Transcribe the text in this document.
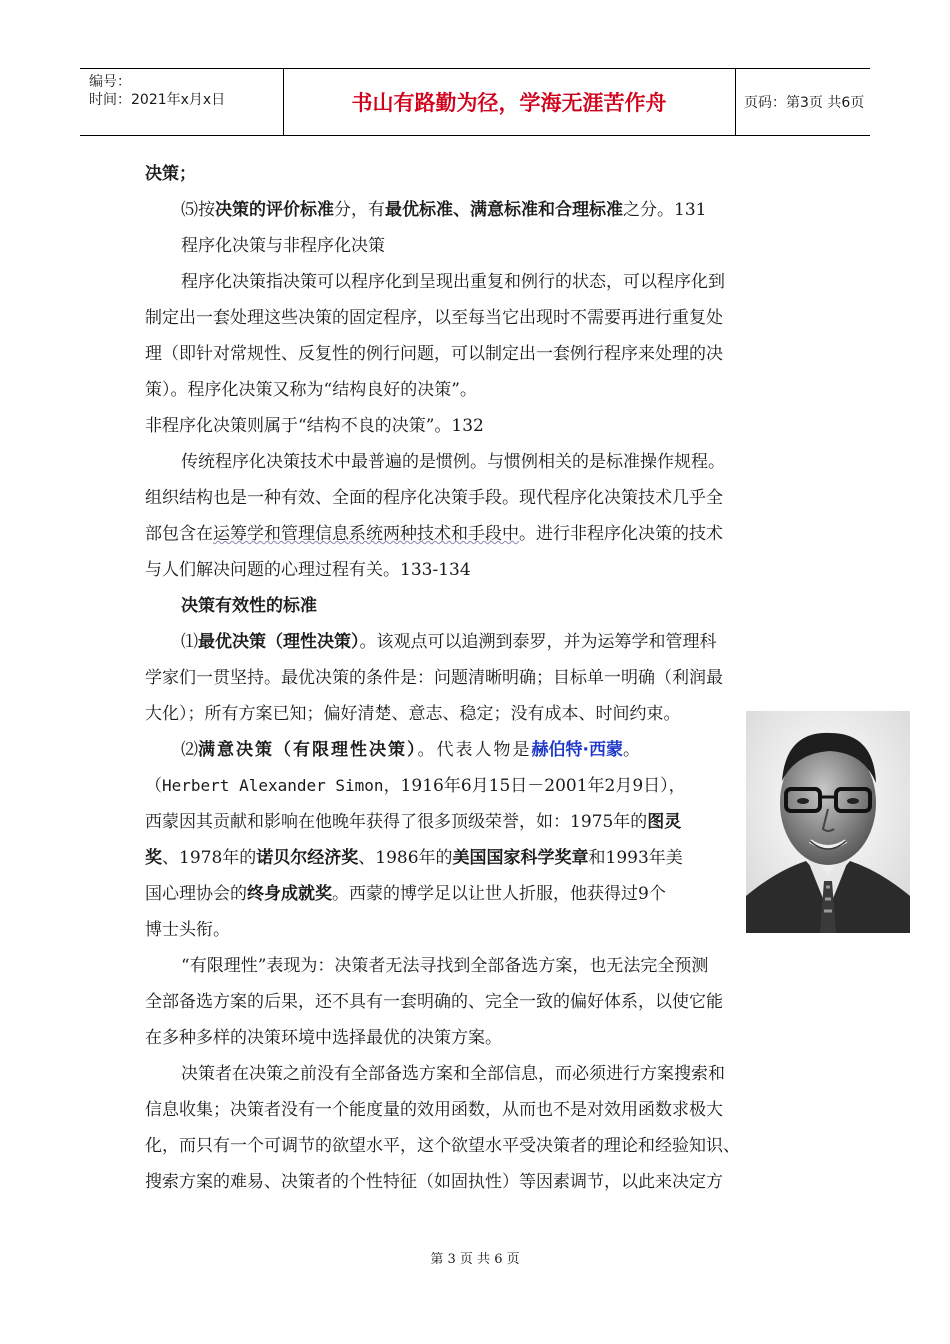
编号：
时间：2021年x月x日	书山有路勤为径，学海无涯苦作舟	页码：第3页 共6页

决策；

⑸按决策的评价标准分，有最优标准、满意标准和合理标准之分。131

程序化决策与非程序化决策

程序化决策指决策可以程序化到呈现出重复和例行的状态，可以程序化到

制定出一套处理这些决策的固定程序，以至每当它出现时不需要再进行重复处

理（即针对常规性、反复性的例行问题，可以制定出一套例行程序来处理的决

策）。程序化决策又称为“结构良好的决策”。

非程序化决策则属于“结构不良的决策”。132

传统程序化决策技术中最普遍的是惯例。与惯例相关的是标准操作规程。

组织结构也是一种有效、全面的程序化决策手段。现代程序化决策技术几乎全

部包含在运筹学和管理信息系统两种技术和手段中。进行非程序化决策的技术

与人们解决问题的心理过程有关。133-134

决策有效性的标准

⑴最优决策（理性决策）。该观点可以追溯到泰罗，并为运筹学和管理科

学家们一贯坚持。最优决策的条件是：问题清晰明确；目标单一明确（利润最

大化）；所有方案已知；偏好清楚、意志、稳定；没有成本、时间约束。

⑵满意决策（有限理性决策）。代表人物是赫伯特·西蒙。

（Herbert Alexander Simon，1916年6月15日－2001年2月9日），

西蒙因其贡献和影响在他晚年获得了很多顶级荣誉，如：1975年的图灵

奖、1978年的诺贝尔经济奖、1986年的美国国家科学奖章和1993年美

国心理协会的终身成就奖。西蒙的博学足以让世人折服，他获得过9个

博士头衔。

“有限理性”表现为：决策者无法寻找到全部备选方案，也无法完全预测

全部备选方案的后果，还不具有一套明确的、完全一致的偏好体系，以使它能

在多种多样的决策环境中选择最优的决策方案。

决策者在决策之前没有全部备选方案和全部信息，而必须进行方案搜索和

信息收集；决策者没有一个能度量的效用函数，从而也不是对效用函数求极大

化，而只有一个可调节的欲望水平，这个欲望水平受决策者的理论和经验知识、

搜索方案的难易、决策者的个性特征（如固执性）等因素调节，以此来决定方

第 3 页 共 6 页
